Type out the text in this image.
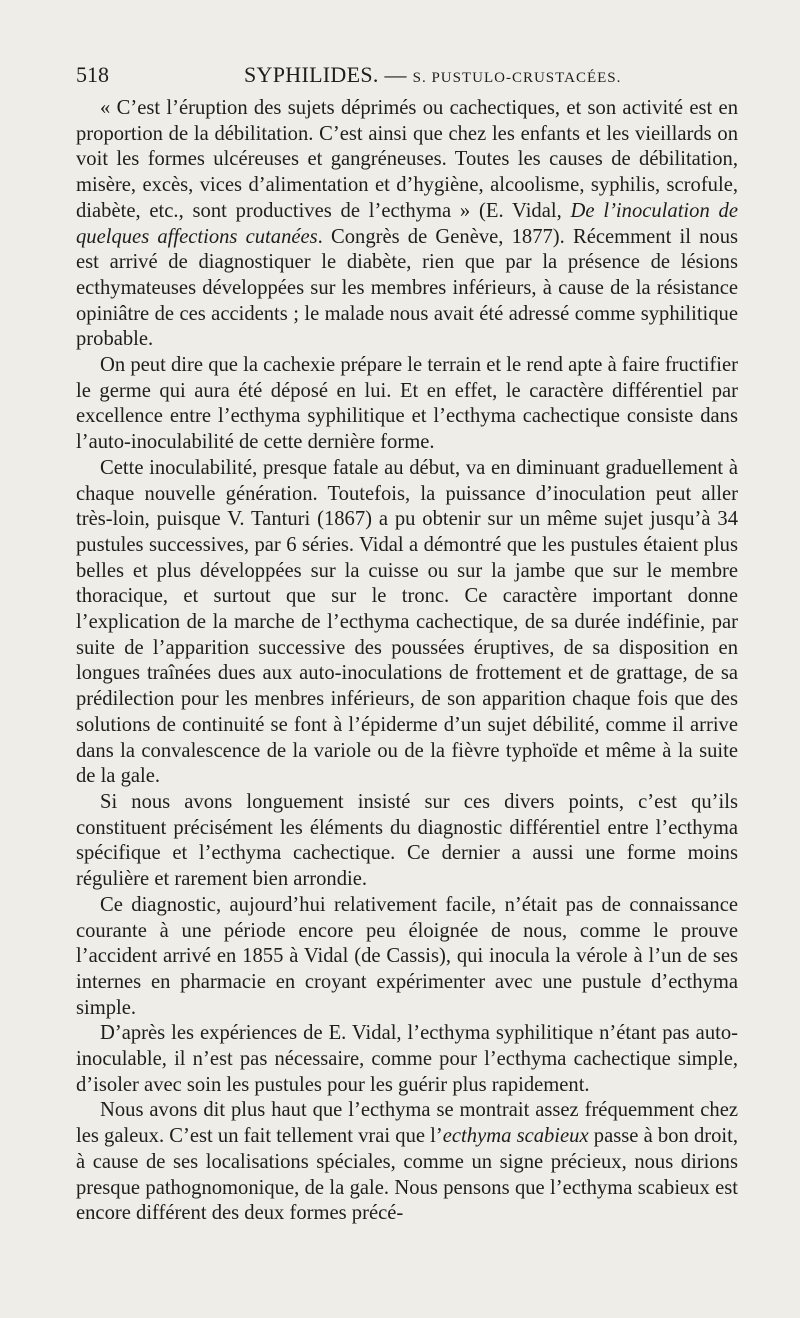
518	SYPHILIDES. — S. PUSTULO-CRUSTACÉES.

« C’est l’éruption des sujets déprimés ou cachectiques, et son activité est en proportion de la débilitation. C’est ainsi que chez les enfants et les vieillards on voit les formes ulcéreuses et gangréneuses. Toutes les causes de débilitation, misère, excès, vices d’alimentation et d’hygiène, alcoolisme, syphilis, scrofule, diabète, etc., sont productives de l’ecthyma » (E. Vidal, De l’inoculation de quelques affections cutanées. Congrès de Genève, 1877). Récemment il nous est arrivé de diagnostiquer le diabète, rien que par la présence de lésions ecthymateuses développées sur les membres inférieurs, à cause de la résistance opiniâtre de ces accidents ; le malade nous avait été adressé comme syphilitique probable.

On peut dire que la cachexie prépare le terrain et le rend apte à faire fructifier le germe qui aura été déposé en lui. Et en effet, le caractère différentiel par excellence entre l’ecthyma syphilitique et l’ecthyma cachectique consiste dans l’auto-inoculabilité de cette dernière forme.

Cette inoculabilité, presque fatale au début, va en diminuant graduellement à chaque nouvelle génération. Toutefois, la puissance d’inoculation peut aller très-loin, puisque V. Tanturi (1867) a pu obtenir sur un même sujet jusqu’à 34 pustules successives, par 6 séries. Vidal a démontré que les pustules étaient plus belles et plus développées sur la cuisse ou sur la jambe que sur le membre thoracique, et surtout que sur le tronc. Ce caractère important donne l’explication de la marche de l’ecthyma cachectique, de sa durée indéfinie, par suite de l’apparition successive des poussées éruptives, de sa disposition en longues traînées dues aux auto-inoculations de frottement et de grattage, de sa prédilection pour les menbres inférieurs, de son apparition chaque fois que des solutions de continuité se font à l’épiderme d’un sujet débilité, comme il arrive dans la convalescence de la variole ou de la fièvre typhoïde et même à la suite de la gale.

Si nous avons longuement insisté sur ces divers points, c’est qu’ils constituent précisément les éléments du diagnostic différentiel entre l’ecthyma spécifique et l’ecthyma cachectique. Ce dernier a aussi une forme moins régulière et rarement bien arrondie.

Ce diagnostic, aujourd’hui relativement facile, n’était pas de connaissance courante à une période encore peu éloignée de nous, comme le prouve l’accident arrivé en 1855 à Vidal (de Cassis), qui inocula la vérole à l’un de ses internes en pharmacie en croyant expérimenter avec une pustule d’ecthyma simple.

D’après les expériences de E. Vidal, l’ecthyma syphilitique n’étant pas auto-inoculable, il n’est pas nécessaire, comme pour l’ecthyma cachectique simple, d’isoler avec soin les pustules pour les guérir plus rapidement.

Nous avons dit plus haut que l’ecthyma se montrait assez fréquemment chez les galeux. C’est un fait tellement vrai que l’ecthyma scabieux passe à bon droit, à cause de ses localisations spéciales, comme un signe précieux, nous dirions presque pathognomonique, de la gale. Nous pensons que l’ecthyma scabieux est encore différent des deux formes précé-
